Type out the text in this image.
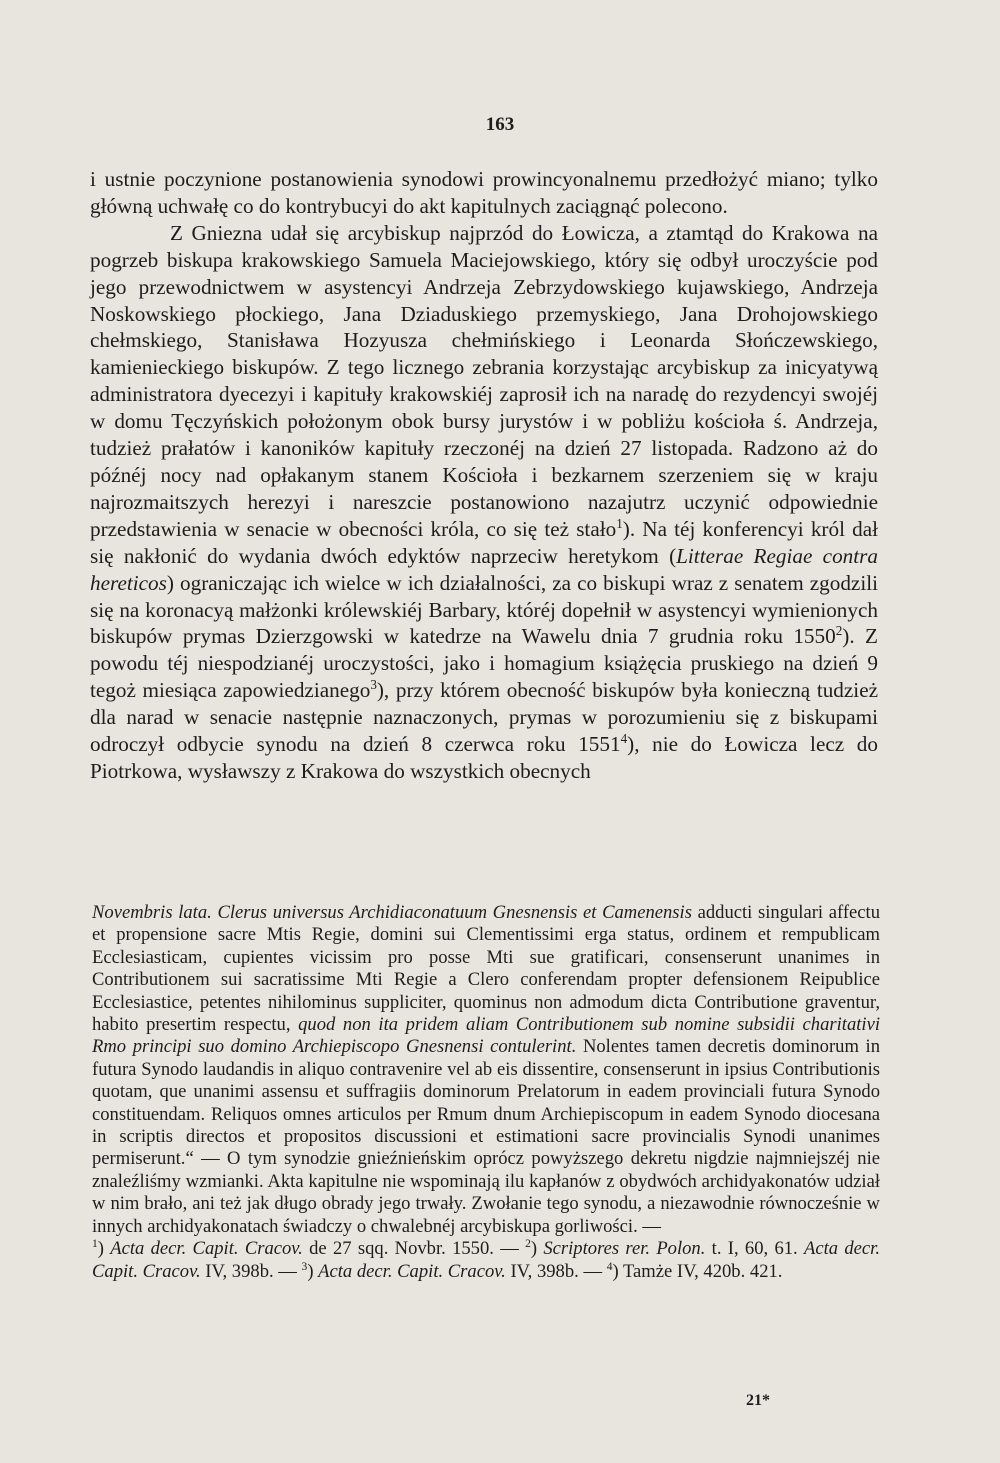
163

i ustnie poczynione postanowienia synodowi prowincyonalnemu przedłożyć miano; tylko główną uchwałę co do kontrybucyi do akt kapitulnych zaciągnąć polecono.

Z Gniezna udał się arcybiskup najprzód do Łowicza, a ztamtąd do Krakowa na pogrzeb biskupa krakowskiego Samuela Maciejowskiego, który się odbył uroczyście pod jego przewodnictwem w asystencyi Andrzeja Zebrzydowskiego kujawskiego, Andrzeja Noskowskiego płockiego, Jana Dziaduskiego przemyskiego, Jana Drohojowskiego chełmskiego, Stanisława Hozyusza chełmińskiego i Leonarda Słończewskiego, kamienieckiego biskupów. Z tego licznego zebrania korzystając arcybiskup za inicyatywą administratora dyecezyi i kapituły krakowskiéj zaprosił ich na naradę do rezydencyi swojéj w domu Tęczyńskich położonym obok bursy jurystów i w pobliżu kościoła ś. Andrzeja, tudzież prałatów i kanoników kapituły rzeczonéj na dzień 27 listopada. Radzono aż do późnéj nocy nad opłakanym stanem Kościoła i bezkarnem szerzeniem się w kraju najrozmaitszych herezyi i nareszcie postanowiono nazajutrz uczynić odpowiednie przedstawienia w senacie w obecności króla, co się też stało$^1$). Na téj konferencyi król dał się nakłonić do wydania dwóch edyktów naprzeciw heretykom (Litterae Regiae contra hereticos) ograniczając ich wielce w ich działalności, za co biskupi wraz z senatem zgodzili się na koronacyą małżonki królewskiéj Barbary, któréj dopełnił w asystencyi wymienionych biskupów prymas Dzierzgowski w katedrze na Wawelu dnia 7 grudnia roku 1550$^2$). Z powodu téj niespodzianéj uroczystości, jako i homagium książęcia pruskiego na dzień 9 tegoż miesiąca zapowiedzianego$^3$), przy którem obecność biskupów była konieczną tudzież dla narad w senacie następnie naznaczonych, prymas w porozumieniu się z biskupami odroczył odbycie synodu na dzień 8 czerwca roku 1551$^4$), nie do Łowicza lecz do Piotrkowa, wysławszy z Krakowa do wszystkich obecnych

Novembris lata. Clerus universus Archidiaconatuum Gnesnensis et Camenensis adducti singulari affectu et propensione sacre Mtis Regie, domini sui Clementissimi erga status, ordinem et rempublicam Ecclesiasticam, cupientes vicissim pro posse Mti sue gratificari, consenserunt unanimes in Contributionem sui sacratissime Mti Regie a Clero conferendam propter defensionem Reipublice Ecclesiastice, petentes nihilominus suppliciter, quominus non admodum dicta Contributione graventur, habito presertim respectu, quod non ita pridem aliam Contributionem sub nomine subsidii charitativi Rmo principi suo domino Archiepiscopo Gnesnensi contulerint. Nolentes tamen decretis dominorum in futura Synodo laudandis in aliquo contravenire vel ab eis dissentire, consenserunt in ipsius Contributionis quotam, que unanimi assensu et suffragiis dominorum Prelatorum in eadem provinciali futura Synodo constituendam. Reliquos omnes articulos per Rmum dnum Archiepiscopum in eadem Synodo diocesana in scriptis directos et propositos discussioni et estimationi sacre provincialis Synodi unanimes permiserunt.“ — O tym synodzie gnieźnieńskim oprócz powyższego dekretu nigdzie najmniejszéj nie znaleźliśmy wzmianki. Akta kapitulne nie wspominają ilu kapłanów z obydwóch archidyakonatów udział w nim brało, ani też jak długo obrady jego trwały. Zwołanie tego synodu, a niezawodnie równocześnie w innych archidyakonatach świadczy o chwalebnéj arcybiskupa gorliwości. —

$^1$) Acta decr. Capit. Cracov. de 27 sqq. Novbr. 1550. — $^2$) Scriptores rer. Polon. t. I, 60, 61. Acta decr. Capit. Cracov. IV, 398b. — $^3$) Acta decr. Capit. Cracov. IV, 398b. — $^4$) Tamże IV, 420b. 421.

21*
